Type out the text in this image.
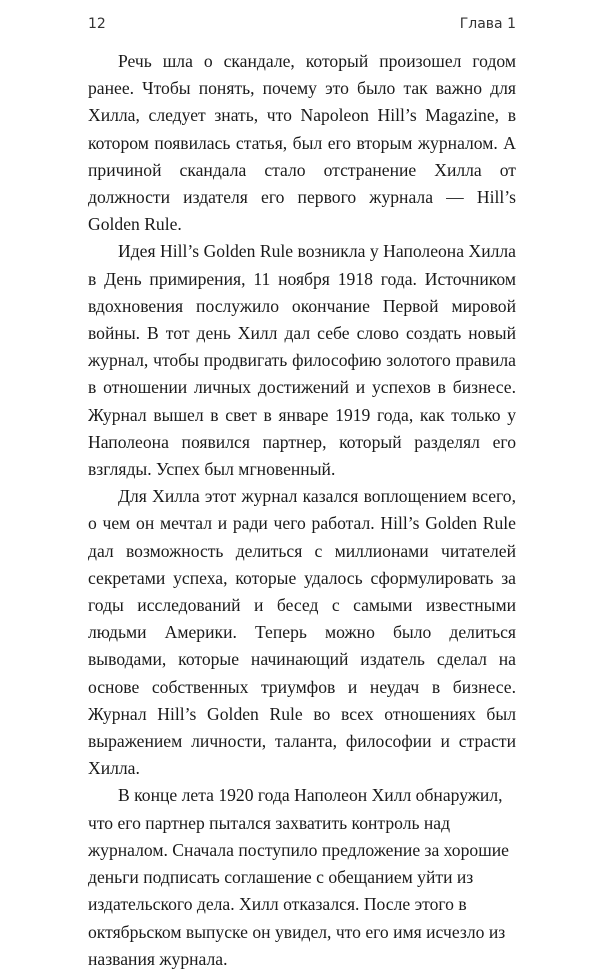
12	Глава 1

Речь шла о скандале, который произошел годом ранее. Чтобы понять, почему это было так важно для Хилла, следует знать, что Napoleon Hill’s Magazine, в котором появилась статья, был его вторым журналом. А причиной скандала стало отстранение Хилла от должности издателя его первого журнала — Hill’s Golden Rule.

Идея Hill’s Golden Rule возникла у Наполеона Хилла в День примирения, 11 ноября 1918 года. Источником вдохновения послужило окончание Первой мировой войны. В тот день Хилл дал себе слово создать новый журнал, чтобы продвигать философию золотого правила в отношении личных достижений и успехов в бизнесе. Журнал вышел в свет в январе 1919 года, как только у Наполеона появился партнер, который разделял его взгляды. Успех был мгновенный.

Для Хилла этот журнал казался воплощением всего, о чем он мечтал и ради чего работал. Hill’s Golden Rule дал возможность делиться с миллионами читателей секретами успеха, которые удалось сформулировать за годы исследований и бесед с самыми известными людьми Америки. Теперь можно было делиться выводами, которые начинающий издатель сделал на основе собственных триумфов и неудач в бизнесе. Журнал Hill’s Golden Rule во всех отношениях был выражением личности, таланта, философии и страсти Хилла.

В конце лета 1920 года Наполеон Хилл обнаружил, что его партнер пытался захватить контроль над журналом. Сначала поступило предложение за хорошие деньги подписать соглашение с обещанием уйти из издательского дела. Хилл отказался. После этого в октябрьском выпуске он увидел, что его имя исчезло из названия журнала.
